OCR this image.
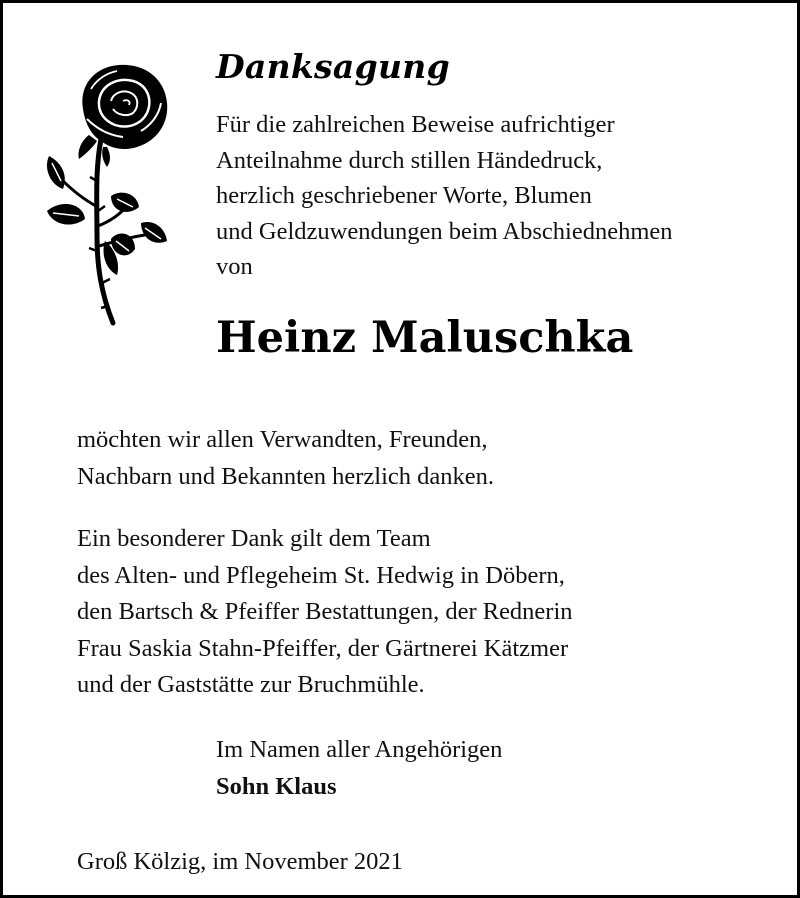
Danksagung
Für die zahlreichen Beweise aufrichtiger
Anteilnahme durch stillen Händedruck,
herzlich geschriebener Worte, Blumen
und Geldzuwendungen beim Abschiednehmen
von
Heinz Maluschka
möchten wir allen Verwandten, Freunden,
Nachbarn und Bekannten herzlich danken.
Ein besonderer Dank gilt dem Team
des Alten- und Pflegeheim St. Hedwig in Döbern,
den Bartsch & Pfeiffer Bestattungen, der Rednerin
Frau Saskia Stahn-Pfeiffer, der Gärtnerei Kätzmer
und der Gaststätte zur Bruchmühle.
Im Namen aller Angehörigen
Sohn Klaus
Groß Kölzig, im November 2021
